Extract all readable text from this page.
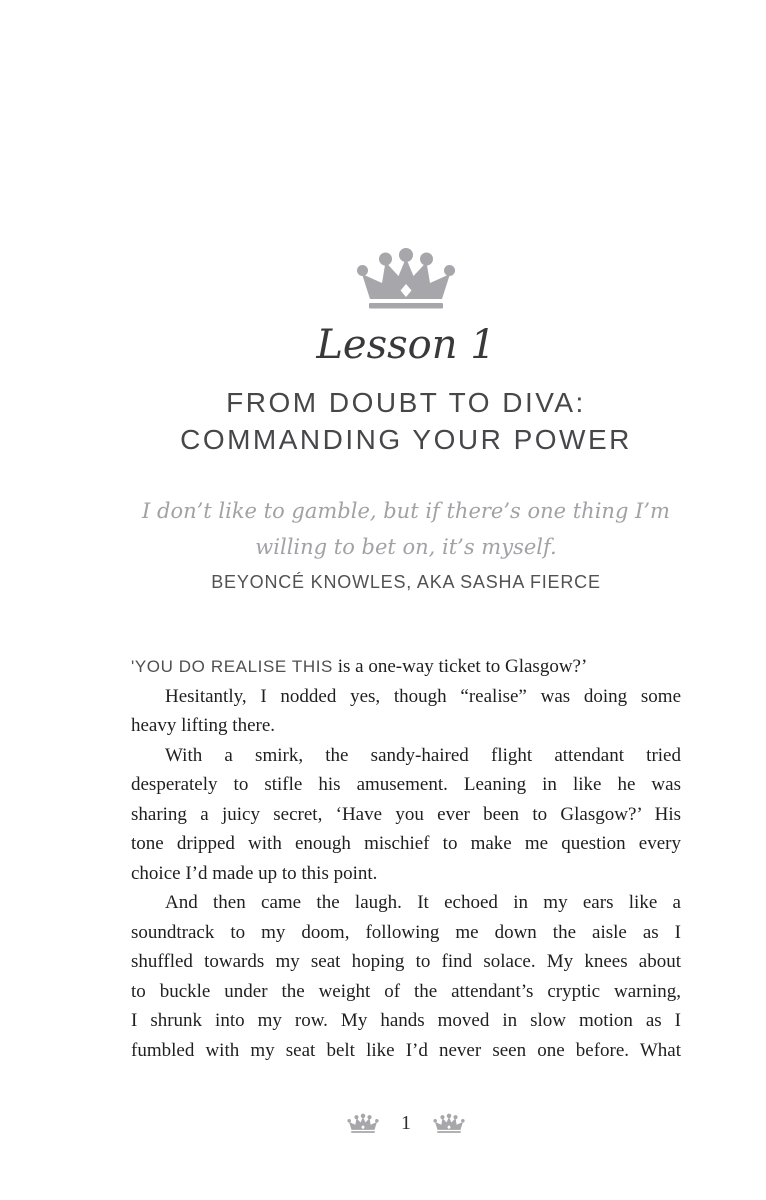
Lesson 1
FROM DOUBT TO DIVA:
COMMANDING YOUR POWER
I don’t like to gamble, but if there’s one thing I’m
willing to bet on, it’s myself.
BEYONCÉ KNOWLES, AKA SASHA FIERCE
'YOU DO REALISE THIS is a one-way ticket to Glasgow?’
Hesitantly, I nodded yes, though “realise” was doing some
heavy lifting there.
With a smirk, the sandy-haired flight attendant tried
desperately to stifle his amusement. Leaning in like he was
sharing a juicy secret, ‘Have you ever been to Glasgow?’ His
tone dripped with enough mischief to make me question every
choice I’d made up to this point.
And then came the laugh. It echoed in my ears like a
soundtrack to my doom, following me down the aisle as I
shuffled towards my seat hoping to find solace. My knees about
to buckle under the weight of the attendant’s cryptic warning,
I shrunk into my row. My hands moved in slow motion as I
fumbled with my seat belt like I’d never seen one before. What
1
